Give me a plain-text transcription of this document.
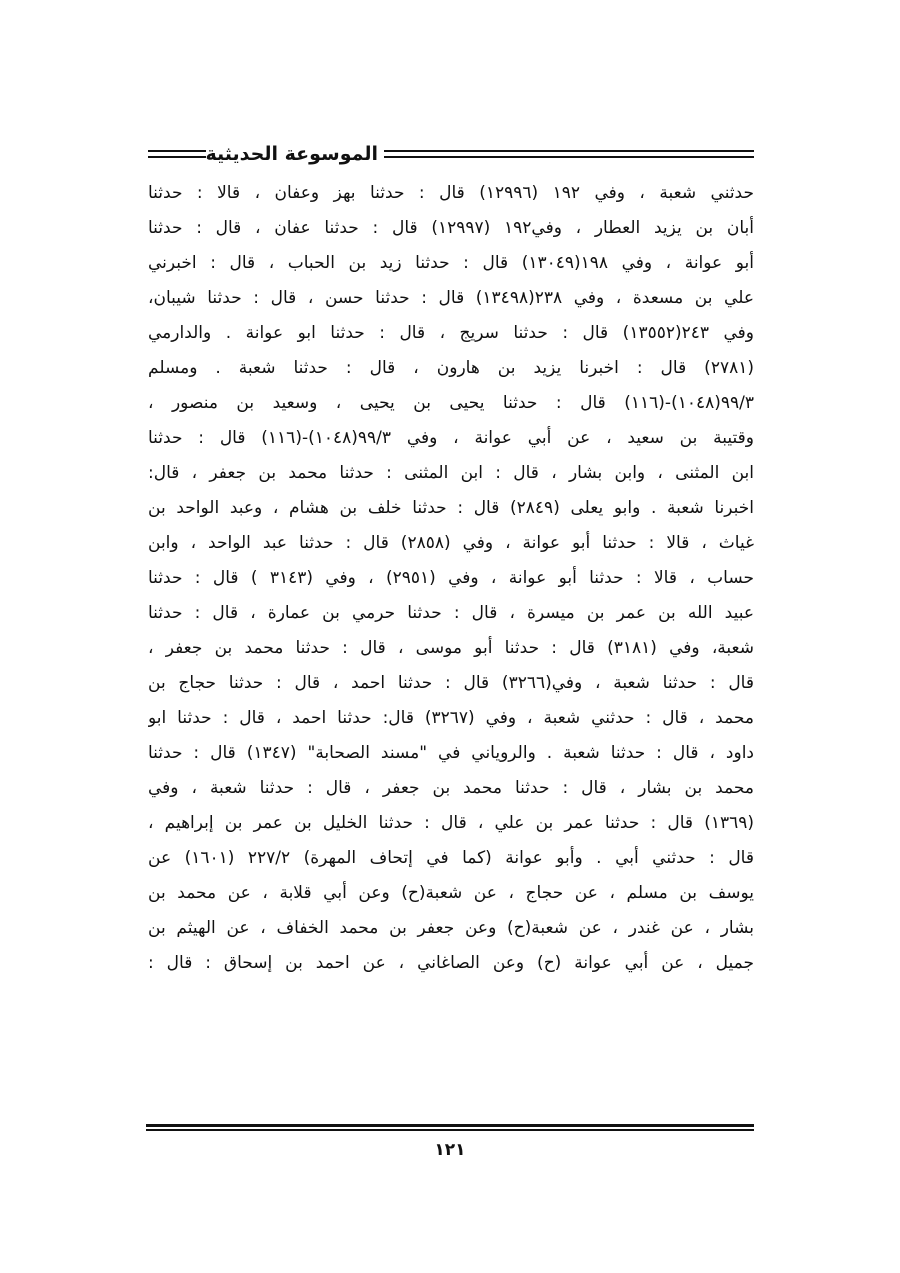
الموسوعة الحديثية
حدثني شعبة ، وفي ١٩٢ (١٢٩٩٦) قال : حدثنا بهز وعفان ، قالا : حدثنا
أبان بن يزيد العطار ، وفي١٩٢ (١٢٩٩٧) قال : حدثنا عفان ، قال : حدثنا
أبو عوانة ، وفي ١٩٨(١٣٠٤٩) قال : حدثنا زيد بن الحباب ، قال : اخبرني
علي بن مسعدة ، وفي ٢٣٨(١٣٤٩٨) قال : حدثنا حسن ، قال : حدثنا شيبان،
وفي ٢٤٣(١٣٥٥٢) قال : حدثنا سريج ، قال : حدثنا ابو عوانة . والدارمي
(٢٧٨١) قال : اخبرنا يزيد بن هارون ، قال : حدثنا شعبة . ومسلم
٩٩/٣(١٠٤٨)-(١١٦) قال : حدثنا يحيى بن يحيى ، وسعيد بن منصور ،
وقتيبة بن سعيد ، عن أبي عوانة ، وفي ٩٩/٣(١٠٤٨)-(١١٦) قال : حدثنا
ابن المثنى ، وابن بشار ، قال : ابن المثنى : حدثنا محمد بن جعفر ، قال:
اخبرنا شعبة . وابو يعلى (٢٨٤٩) قال : حدثنا خلف بن هشام ، وعبد الواحد بن
غياث ، قالا : حدثنا أبو عوانة ، وفي (٢٨٥٨) قال : حدثنا عبد الواحد ، وابن
حساب ، قالا : حدثنا أبو عوانة ، وفي (٢٩٥١) ، وفي (٣١٤٣ ) قال : حدثنا
عبيد الله بن عمر بن ميسرة ، قال : حدثنا حرمي بن عمارة ، قال : حدثنا
شعبة، وفي (٣١٨١) قال : حدثنا أبو موسى ، قال : حدثنا محمد بن جعفر ،
قال : حدثنا شعبة ، وفي(٣٢٦٦) قال : حدثنا احمد ، قال : حدثنا حجاج بن
محمد ، قال : حدثني شعبة ، وفي (٣٢٦٧) قال: حدثنا احمد ، قال : حدثنا ابو
داود ، قال : حدثنا شعبة . والروياني في "مسند الصحابة" (١٣٤٧) قال : حدثنا
محمد بن بشار ، قال : حدثنا محمد بن جعفر ، قال : حدثنا شعبة ، وفي
(١٣٦٩) قال : حدثنا عمر بن علي ، قال : حدثنا الخليل بن عمر بن إبراهيم ،
قال : حدثني أبي . وأبو عوانة (كما في إتحاف المهرة) ٢٢٧/٢ (١٦٠١) عن
يوسف بن مسلم ، عن حجاج ، عن شعبة(ح) وعن أبي قلابة ، عن محمد بن
بشار ، عن غندر ، عن شعبة(ح) وعن جعفر بن محمد الخفاف ، عن الهيثم بن
جميل ، عن أبي عوانة (ح) وعن الصاغاني ، عن احمد بن إسحاق : قال :
١٢١
